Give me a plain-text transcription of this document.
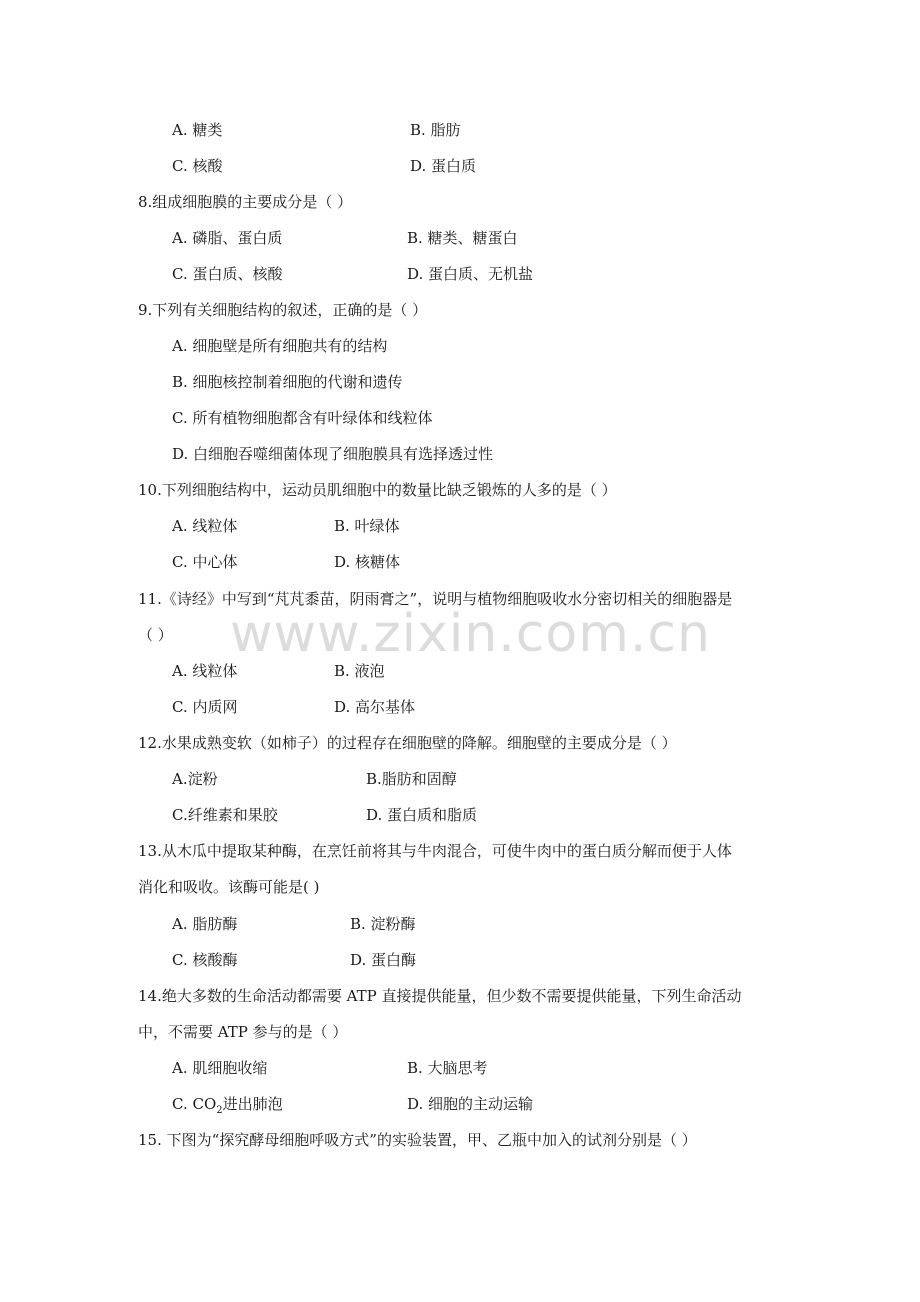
www.zixin.com.cn
A. 糖类	B. 脂肪
C. 核酸	D. 蛋白质
8.组成细胞膜的主要成分是（ ）
A. 磷脂、蛋白质	B. 糖类、糖蛋白
C. 蛋白质、核酸	D. 蛋白质、无机盐
9.下列有关细胞结构的叙述，正确的是（ ）
A. 细胞壁是所有细胞共有的结构
B. 细胞核控制着细胞的代谢和遗传
C. 所有植物细胞都含有叶绿体和线粒体
D. 白细胞吞噬细菌体现了细胞膜具有选择透过性
10.下列细胞结构中，运动员肌细胞中的数量比缺乏锻炼的人多的是（ ）
A. 线粒体	B. 叶绿体
C. 中心体	D. 核糖体
11.《诗经》中写到“芃芃黍苗，阴雨膏之”，说明与植物细胞吸收水分密切相关的细胞器是
（ ）
A. 线粒体	B. 液泡
C. 内质网	D. 高尔基体
12.水果成熟变软（如柿子）的过程存在细胞壁的降解。细胞壁的主要成分是（ ）
A.淀粉	B.脂肪和固醇
C.纤维素和果胶	D. 蛋白质和脂质
13.从木瓜中提取某种酶，在烹饪前将其与牛肉混合，可使牛肉中的蛋白质分解而便于人体
消化和吸收。该酶可能是( )
A. 脂肪酶	B. 淀粉酶
C. 核酸酶	D. 蛋白酶
14.绝大多数的生命活动都需要 ATP 直接提供能量，但少数不需要提供能量，下列生命活动
中，不需要 ATP 参与的是（ ）
A. 肌细胞收缩	B. 大脑思考
C. $CO_2$进出肺泡	D. 细胞的主动运输
15. 下图为“探究酵母细胞呼吸方式”的实验装置，甲、乙瓶中加入的试剂分别是（ ）
